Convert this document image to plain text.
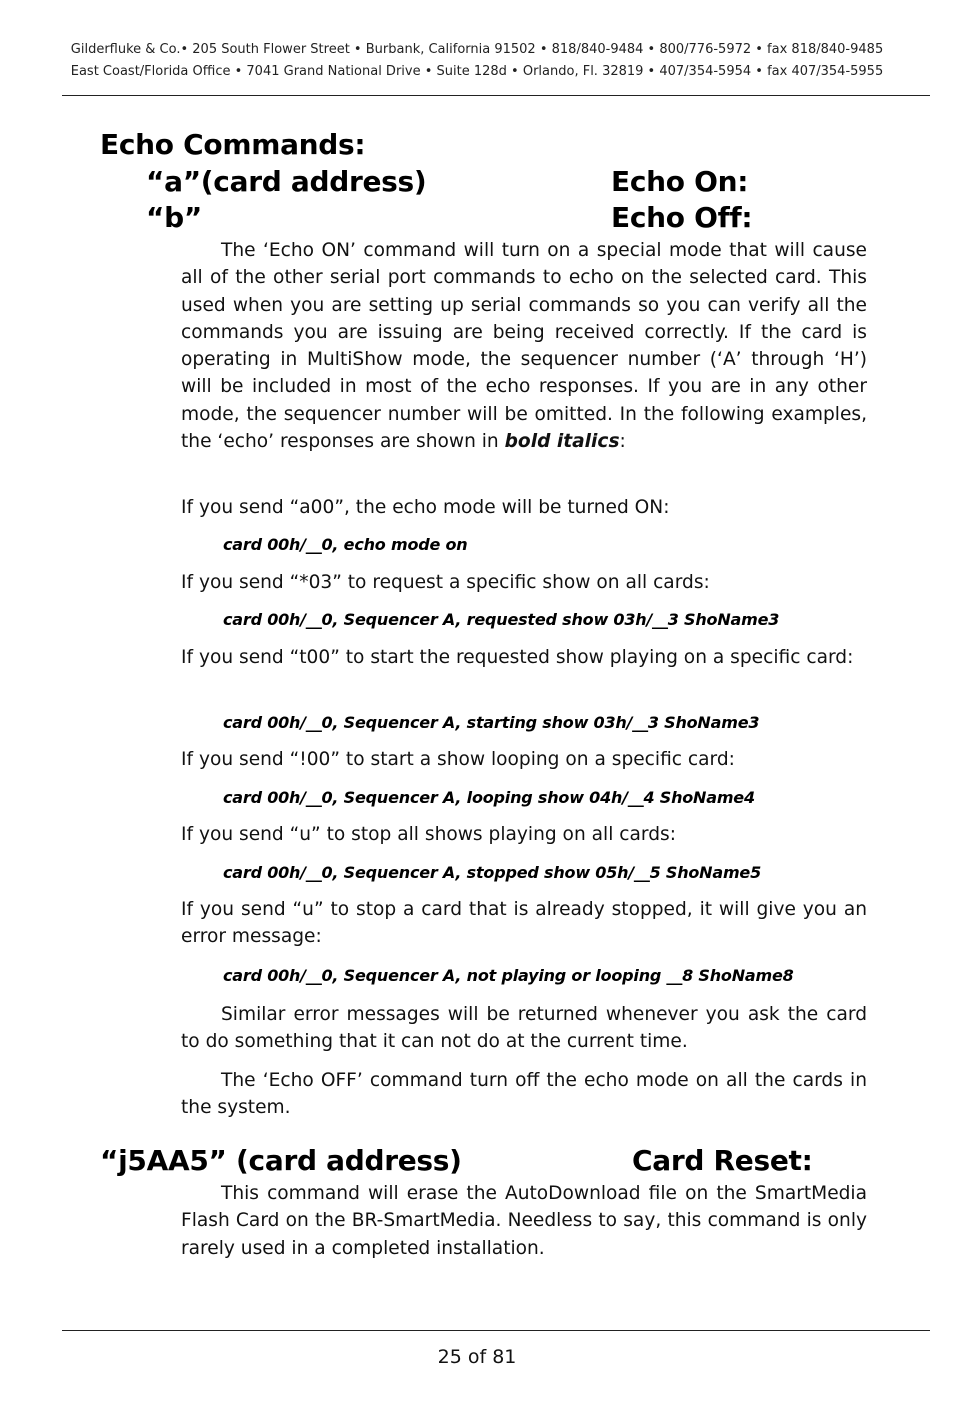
Gilderfluke & Co.• 205 South Flower Street • Burbank, California 91502 • 818/840-9484 • 800/776-5972 • fax 818/840-9485
East Coast/Florida Office • 7041 Grand National Drive • Suite 128d • Orlando, Fl. 32819 • 407/354-5954 • fax 407/354-5955
Echo Commands:
“a”(card address)	Echo On:
“b”	Echo Off:
The ‘Echo ON’ command will turn on a special mode that will cause all of the other serial port commands to echo on the selected card. This used when you are setting up serial commands so you can verify all the commands you are issuing are being received correctly. If the card is operating in MultiShow mode, the sequencer number (‘A’ through ‘H’) will be included in most of the echo responses. If you are in any other mode, the sequencer number will be omitted. In the following examples, the ‘echo’ responses are shown in bold italics:
If you send “a00”, the echo mode will be turned ON:
card 00h/__0, echo mode on
If you send “*03” to request a specific show on all cards:
card 00h/__0, Sequencer A, requested show 03h/__3 ShoName3
If you send “t00” to start the requested show playing on a specific card:
card 00h/__0, Sequencer A, starting show 03h/__3 ShoName3
If you send “!00” to start a show looping on a specific card:
card 00h/__0, Sequencer A, looping show 04h/__4 ShoName4
If you send “u” to stop all shows playing on all cards:
card 00h/__0, Sequencer A, stopped show 05h/__5 ShoName5
If you send “u” to stop a card that is already stopped, it will give you an error message:
card 00h/__0, Sequencer A, not playing or looping __8 ShoName8
Similar error messages will be returned whenever you ask the card to do something that it can not do at the current time.
The ‘Echo OFF’ command turn off the echo mode on all the cards in the system.
“j5AA5” (card address)	Card Reset:
This command will erase the AutoDownload file on the SmartMedia Flash Card on the BR-SmartMedia. Needless to say, this command is only rarely used in a completed installation.
25 of 81
